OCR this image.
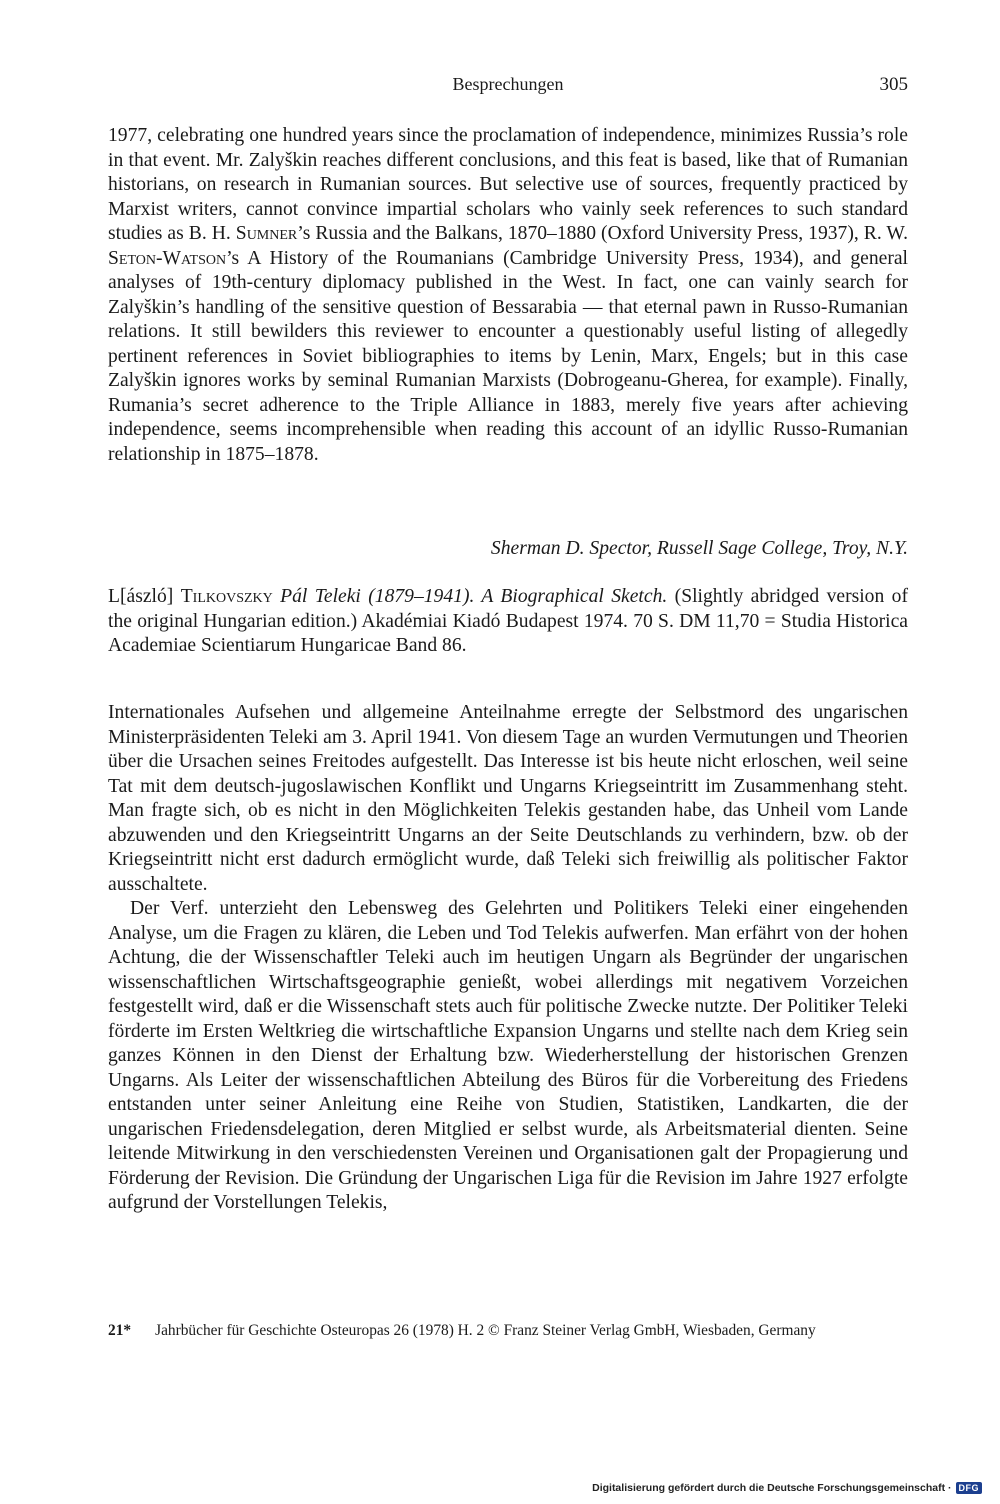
Besprechungen	305

1977, celebrating one hundred years since the proclamation of independence, minimizes Russia’s role in that event. Mr. Zalyškin reaches different conclusions, and this feat is based, like that of Rumanian historians, on research in Rumanian sources. But selective use of sources, frequently practiced by Marxist writers, cannot convince impartial scholars who vainly seek references to such standard studies as B. H. Sumner’s Russia and the Balkans, 1870–1880 (Oxford University Press, 1937), R. W. Seton-Watson’s A History of the Roumanians (Cambridge University Press, 1934), and general analyses of 19th-century diplomacy published in the West. In fact, one can vainly search for Zalyškin’s handling of the sensitive question of Bessarabia — that eternal pawn in Russo-Rumanian relations. It still bewilders this reviewer to encounter a questionably useful listing of allegedly pertinent references in Soviet bibliographies to items by Lenin, Marx, Engels; but in this case Zalyškin ignores works by seminal Rumanian Marxists (Dobrogeanu-Gherea, for example). Finally, Rumania’s secret adherence to the Triple Alliance in 1883, merely five years after achieving independence, seems incomprehensible when reading this account of an idyllic Russo-Rumanian relationship in 1875–1878.

Sherman D. Spector, Russell Sage College, Troy, N.Y.

L[ászló] Tilkovszky Pál Teleki (1879–1941). A Biographical Sketch. (Slightly abridged version of the original Hungarian edition.) Akadémiai Kiadó Budapest 1974. 70 S. DM 11,70 = Studia Historica Academiae Scientiarum Hungaricae Band 86.

Internationales Aufsehen und allgemeine Anteilnahme erregte der Selbstmord des ungarischen Ministerpräsidenten Teleki am 3. April 1941. Von diesem Tage an wurden Vermutungen und Theorien über die Ursachen seines Freitodes aufgestellt. Das Interesse ist bis heute nicht erloschen, weil seine Tat mit dem deutsch-jugoslawischen Konflikt und Ungarns Kriegseintritt im Zusammenhang steht. Man fragte sich, ob es nicht in den Möglichkeiten Telekis gestanden habe, das Unheil vom Lande abzuwenden und den Kriegseintritt Ungarns an der Seite Deutschlands zu verhindern, bzw. ob der Kriegseintritt nicht erst dadurch ermöglicht wurde, daß Teleki sich freiwillig als politischer Faktor ausschaltete.

Der Verf. unterzieht den Lebensweg des Gelehrten und Politikers Teleki einer eingehenden Analyse, um die Fragen zu klären, die Leben und Tod Telekis aufwerfen. Man erfährt von der hohen Achtung, die der Wissenschaftler Teleki auch im heutigen Ungarn als Begründer der ungarischen wissenschaftlichen Wirtschaftsgeographie genießt, wobei allerdings mit negativem Vorzeichen festgestellt wird, daß er die Wissenschaft stets auch für politische Zwecke nutzte. Der Politiker Teleki förderte im Ersten Weltkrieg die wirtschaftliche Expansion Ungarns und stellte nach dem Krieg sein ganzes Können in den Dienst der Erhaltung bzw. Wiederherstellung der historischen Grenzen Ungarns. Als Leiter der wissenschaftlichen Abteilung des Büros für die Vorbereitung des Friedens entstanden unter seiner Anleitung eine Reihe von Studien, Statistiken, Landkarten, die der ungarischen Friedensdelegation, deren Mitglied er selbst wurde, als Arbeitsmaterial dienten. Seine leitende Mitwirkung in den verschiedensten Vereinen und Organisationen galt der Propagierung und Förderung der Revision. Die Gründung der Ungarischen Liga für die Revision im Jahre 1927 erfolgte aufgrund der Vorstellungen Telekis,

21* Jahrbücher für Geschichte Osteuropas 26 (1978) H. 2 © Franz Steiner Verlag GmbH, Wiesbaden, Germany
Digitalisierung gefördert durch die Deutsche Forschungsgemeinschaft · DFG
